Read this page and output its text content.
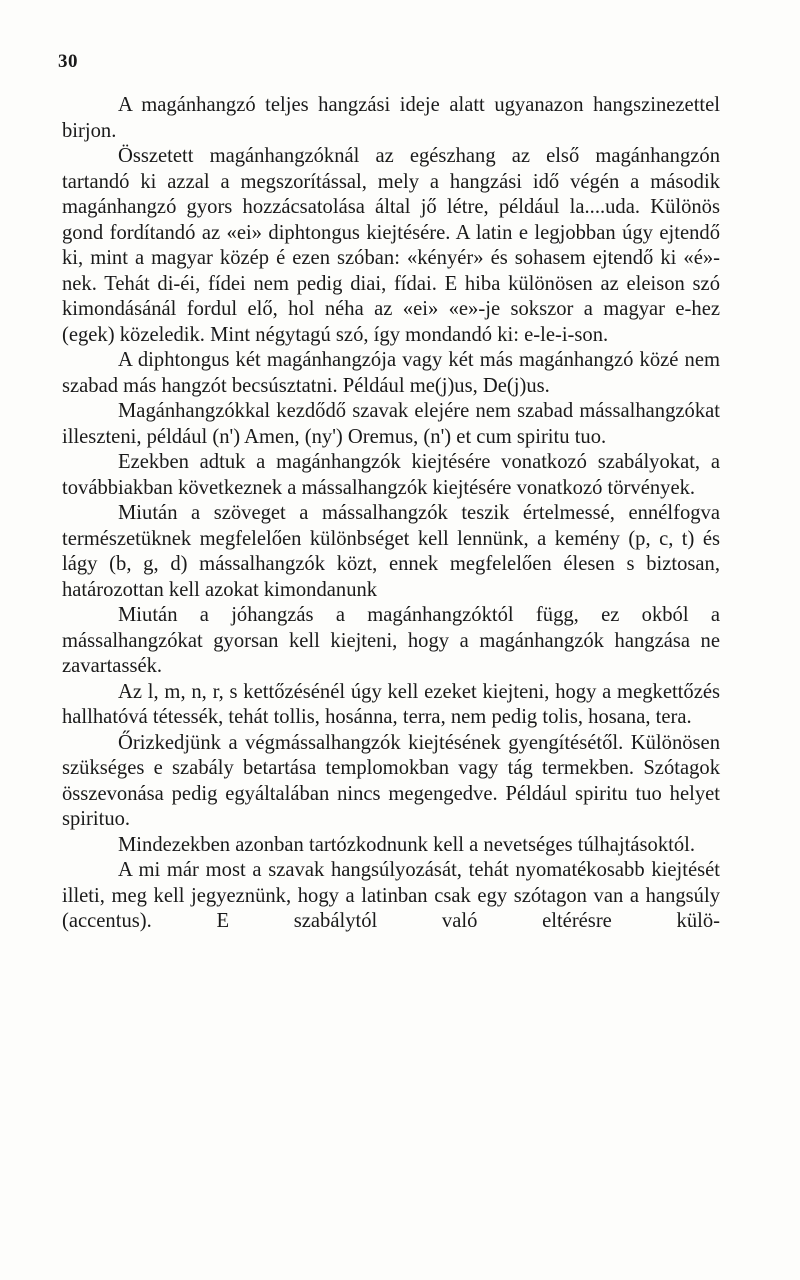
30

A magánhangzó teljes hangzási ideje alatt ugyanazon hangszinezettel birjon.

Összetett magánhangzóknál az egészhang az első magánhangzón tartandó ki azzal a megszorítással, mely a hangzási idő végén a második magánhangzó gyors hozzácsatolása által jő létre, például la....uda. Különös gond fordítandó az «ei» diphtongus kiejtésére. A latin e legjobban úgy ejtendő ki, mint a magyar közép é ezen szóban: «kényér» és sohasem ejtendő ki «é»-nek. Tehát di-éi, fídei nem pedig diai, fídai. E hiba különösen az eleison szó kimondásánál fordul elő, hol néha az «ei» «e»-je sokszor a magyar e-hez (egek) közeledik. Mint négytagú szó, így mondandó ki: e-le-i-son.

A diphtongus két magánhangzója vagy két más magánhangzó közé nem szabad más hangzót becsúsztatni. Például me(j)us, De(j)us.

Magánhangzókkal kezdődő szavak elejére nem szabad mássalhangzókat illeszteni, például (n') Amen, (ny') Oremus, (n') et cum spiritu tuo.

Ezekben adtuk a magánhangzók kiejtésére vonatkozó szabályokat, a továbbiakban következnek a mássalhangzók kiejtésére vonatkozó törvények.

Miután a szöveget a mássalhangzók teszik értelmessé, ennélfogva természetüknek megfelelően különbséget kell lennünk, a kemény (p, c, t) és lágy (b, g, d) mássalhangzók közt, ennek megfelelően élesen s biztosan, határozottan kell azokat kimondanunk

Miután a jóhangzás a magánhangzóktól függ, ez okból a mássalhangzókat gyorsan kell kiejteni, hogy a magánhangzók hangzása ne zavartassék.

Az l, m, n, r, s kettőzésénél úgy kell ezeket kiejteni, hogy a megkettőzés hallhatóvá tétessék, tehát tollis, hosánna, terra, nem pedig tolis, hosana, tera.

Őrizkedjünk a végmássalhangzók kiejtésének gyengítésétől. Különösen szükséges e szabály betartása templomokban vagy tág termekben. Szótagok összevonása pedig egyáltalában nincs megengedve. Például spiritu tuo helyet spirituo.

Mindezekben azonban tartózkodnunk kell a nevetséges túlhajtásoktól.

A mi már most a szavak hangsúlyozását, tehát nyomatékosabb kiejtését illeti, meg kell jegyeznünk, hogy a latinban csak egy szótagon van a hangsúly (accentus). E szabálytól való eltérésre külö-
